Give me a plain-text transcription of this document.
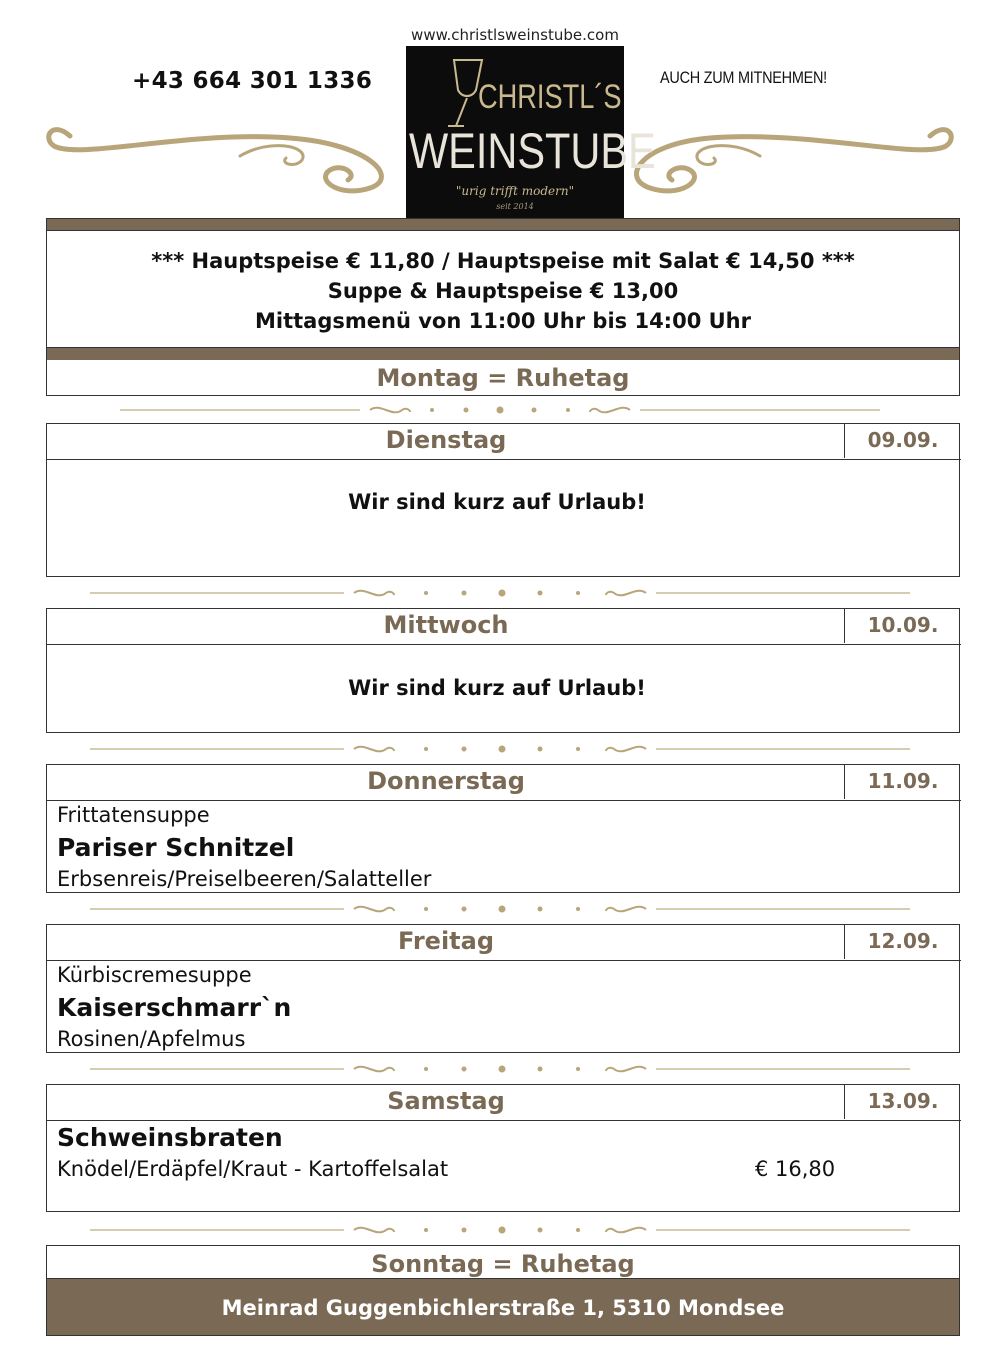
www.christlsweinstube.com
+43 664 301 1336	AUCH ZUM MITNEHMEN!
CHRISTL´S
WEINSTUBE
"urig trifft modern"
seit 2014
*** Hauptspeise € 11,80 / Hauptspeise mit Salat € 14,50 ***
Suppe & Hauptspeise € 13,00
Mittagsmenü von 11:00 Uhr bis 14:00 Uhr
Montag = Ruhetag
Dienstag	09.09.
Wir sind kurz auf Urlaub!
Mittwoch	10.09.
Wir sind kurz auf Urlaub!
Donnerstag	11.09.
Frittatensuppe
Pariser Schnitzel
Erbsenreis/Preiselbeeren/Salatteller
Freitag	12.09.
Kürbiscremesuppe
Kaiserschmarr`n
Rosinen/Apfelmus
Samstag	13.09.
Schweinsbraten
Knödel/Erdäpfel/Kraut - Kartoffelsalat	€ 16,80
Sonntag = Ruhetag
Meinrad Guggenbichlerstraße 1, 5310 Mondsee
